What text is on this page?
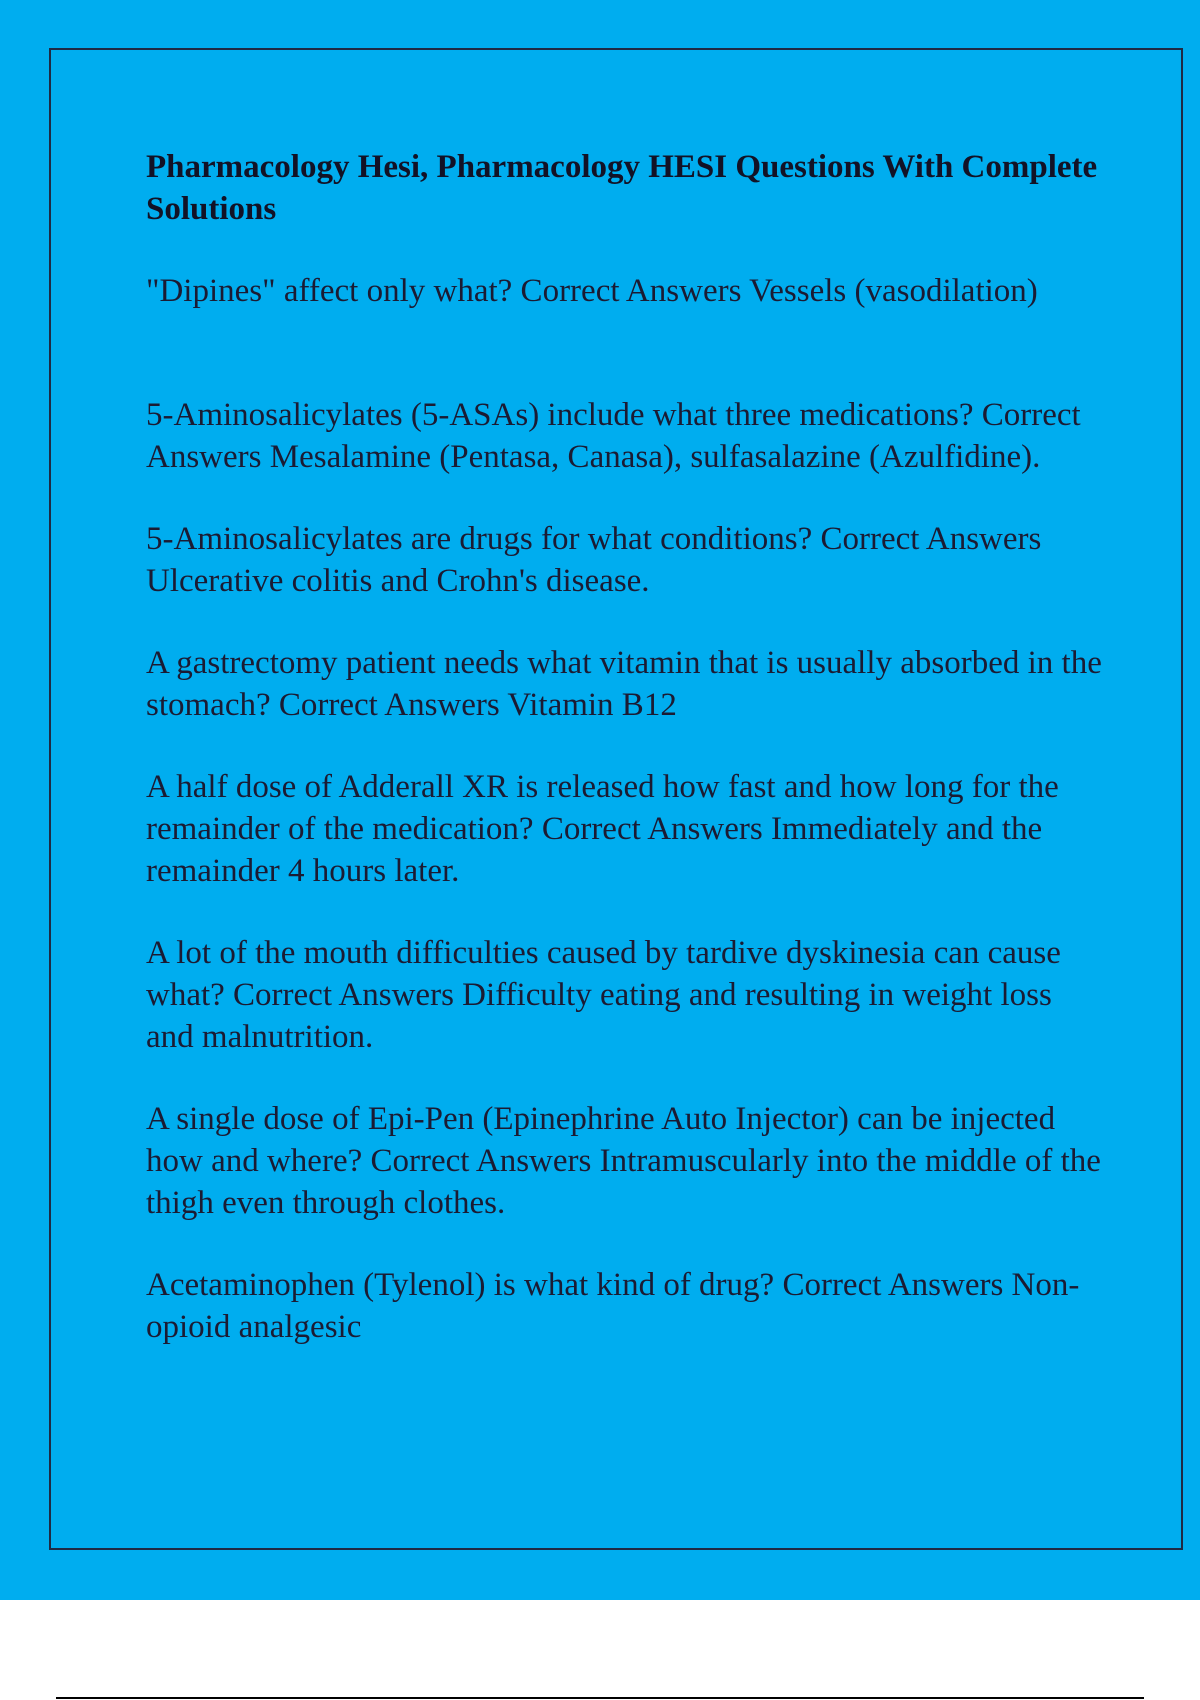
Pharmacology Hesi, Pharmacology HESI Questions With Complete Solutions

"Dipines" affect only what? Correct Answers Vessels (vasodilation)

5-Aminosalicylates (5-ASAs) include what three medications? Correct Answers Mesalamine (Pentasa, Canasa), sulfasalazine (Azulfidine).

5-Aminosalicylates are drugs for what conditions? Correct Answers Ulcerative colitis and Crohn's disease.

A gastrectomy patient needs what vitamin that is usually absorbed in the stomach? Correct Answers Vitamin B12

A half dose of Adderall XR is released how fast and how long for the remainder of the medication? Correct Answers Immediately and the remainder 4 hours later.

A lot of the mouth difficulties caused by tardive dyskinesia can cause what? Correct Answers Difficulty eating and resulting in weight loss and malnutrition.

A single dose of Epi-Pen (Epinephrine Auto Injector) can be injected how and where? Correct Answers Intramuscularly into the middle of the thigh even through clothes.

Acetaminophen (Tylenol) is what kind of drug? Correct Answers Non-opioid analgesic
